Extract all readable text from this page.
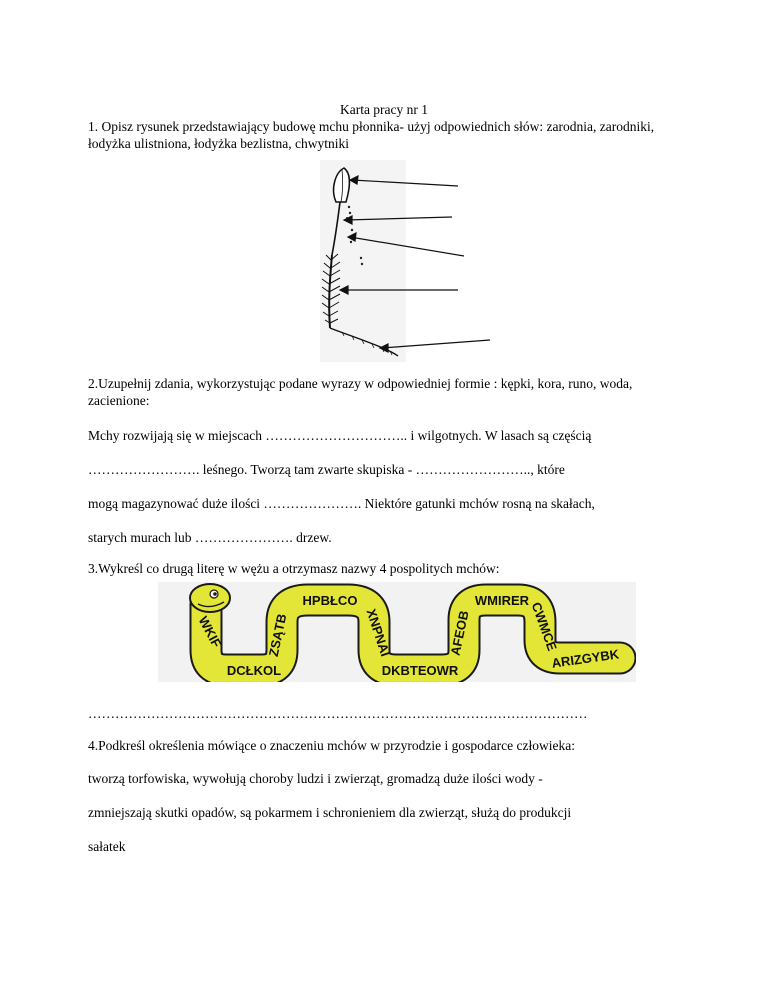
Karta pracy nr 1

1. Opisz rysunek przedstawiający budowę mchu płonnika- użyj odpowiednich słów: zarodnia, zarodniki, łodyżka ulistniona, łodyżka bezlistna, chwytniki

2.Uzupełnij zdania, wykorzystując podane wyrazy w odpowiedniej formie : kępki, kora, runo, woda, zacienione:

Mchy rozwijają się w miejscach ………………………….. i wilgotnych. W lasach są częścią

……………………. leśnego. Tworzą tam zwarte skupiska - …………………….., które

mogą magazynować duże ilości …………………. Niektóre gatunki mchów rosną na skałach,

starych murach lub …………………. drzew.

3.Wykreśl co drugą literę w wężu a otrzymasz nazwy 4 pospolitych mchów:

WKIF
DCŁKOL
ZSĄTB
HPBŁCO
XNPNAI
DKBTEOWR
AFEOB
WMIRER CWMCE
ARIZGYBK

…………………………………………………………………………………………………

4.Podkreśl określenia mówiące o znaczeniu mchów w przyrodzie i gospodarce człowieka:

tworzą torfowiska, wywołują choroby ludzi i zwierząt, gromadzą duże ilości wody -

zmniejszają skutki opadów, są pokarmem i schronieniem dla zwierząt, służą do produkcji

sałatek
